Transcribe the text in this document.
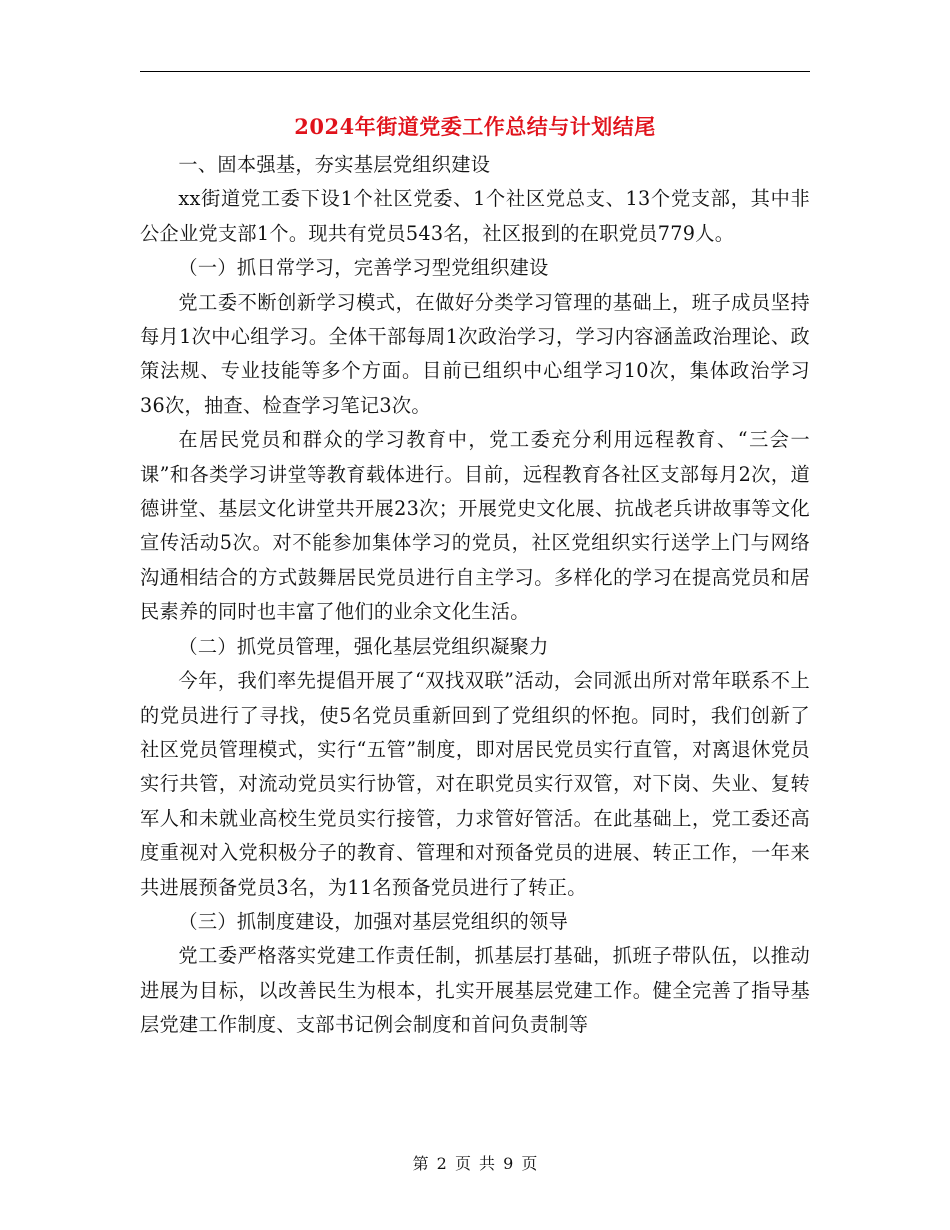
2024年街道党委工作总结与计划结尾

一、固本强基，夯实基层党组织建设

xx街道党工委下设1个社区党委、1个社区党总支、13个党支部，其中非公企业党支部1个。现共有党员543名，社区报到的在职党员779人。

（一）抓日常学习，完善学习型党组织建设

党工委不断创新学习模式，在做好分类学习管理的基础上，班子成员坚持每月1次中心组学习。全体干部每周1次政治学习，学习内容涵盖政治理论、政策法规、专业技能等多个方面。目前已组织中心组学习10次，集体政治学习36次，抽查、检查学习笔记3次。

在居民党员和群众的学习教育中，党工委充分利用远程教育、“三会一课”和各类学习讲堂等教育载体进行。目前，远程教育各社区支部每月2次，道德讲堂、基层文化讲堂共开展23次；开展党史文化展、抗战老兵讲故事等文化宣传活动5次。对不能参加集体学习的党员，社区党组织实行送学上门与网络沟通相结合的方式鼓舞居民党员进行自主学习。多样化的学习在提高党员和居民素养的同时也丰富了他们的业余文化生活。

（二）抓党员管理，强化基层党组织凝聚力

今年，我们率先提倡开展了“双找双联”活动，会同派出所对常年联系不上的党员进行了寻找，使5名党员重新回到了党组织的怀抱。同时，我们创新了社区党员管理模式，实行“五管”制度，即对居民党员实行直管，对离退休党员实行共管，对流动党员实行协管，对在职党员实行双管，对下岗、失业、复转军人和未就业高校生党员实行接管，力求管好管活。在此基础上，党工委还高度重视对入党积极分子的教育、管理和对预备党员的进展、转正工作，一年来共进展预备党员3名，为11名预备党员进行了转正。

（三）抓制度建设，加强对基层党组织的领导

党工委严格落实党建工作责任制，抓基层打基础，抓班子带队伍，以推动进展为目标，以改善民生为根本，扎实开展基层党建工作。健全完善了指导基层党建工作制度、支部书记例会制度和首问负责制等

第 2 页 共 9 页
